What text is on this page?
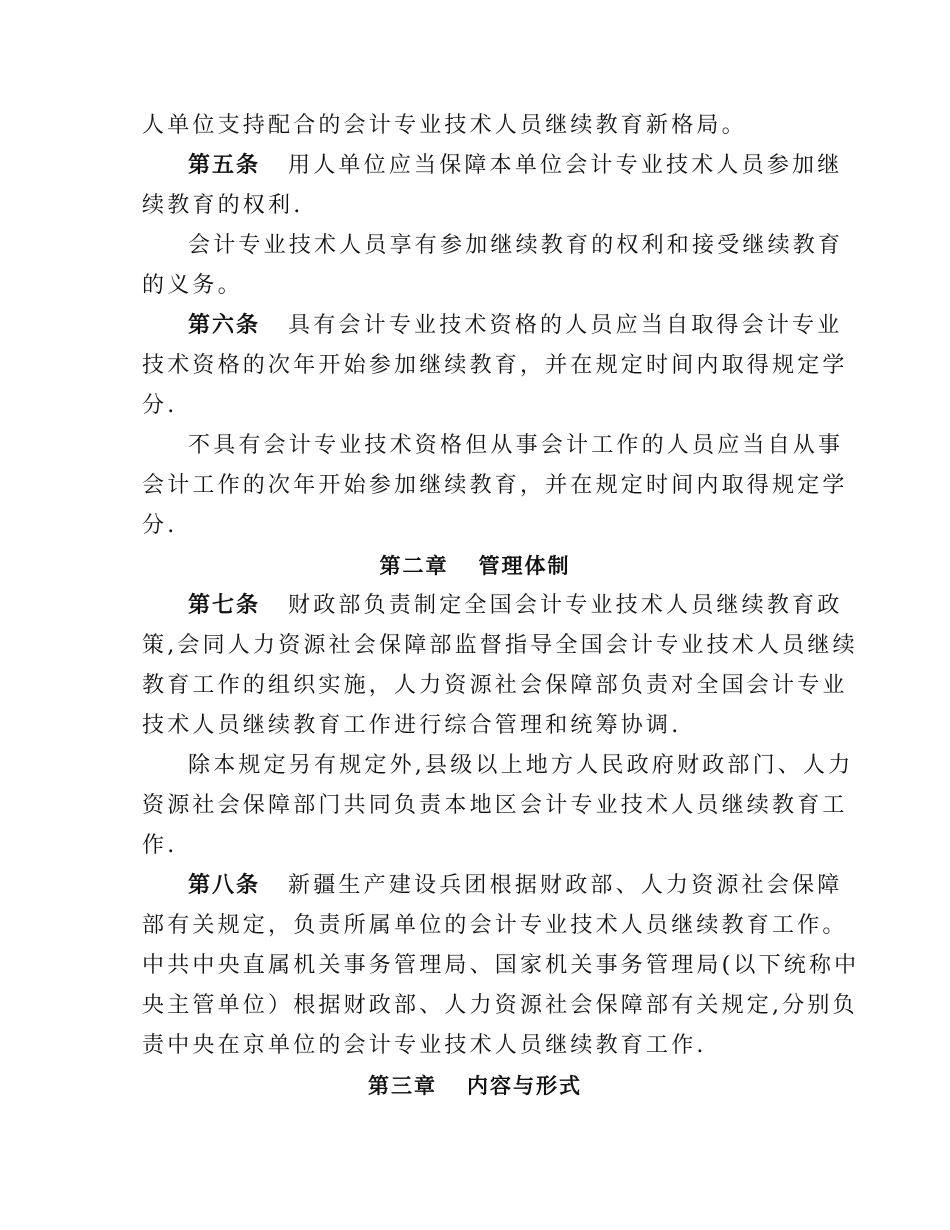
人单位支持配合的会计专业技术人员继续教育新格局。
第五条 用人单位应当保障本单位会计专业技术人员参加继
续教育的权利.
会计专业技术人员享有参加继续教育的权利和接受继续教育
的义务。
第六条 具有会计专业技术资格的人员应当自取得会计专业
技术资格的次年开始参加继续教育，并在规定时间内取得规定学
分.
不具有会计专业技术资格但从事会计工作的人员应当自从事
会计工作的次年开始参加继续教育，并在规定时间内取得规定学
分.
第二章 管理体制
第七条 财政部负责制定全国会计专业技术人员继续教育政
策,会同人力资源社会保障部监督指导全国会计专业技术人员继续
教育工作的组织实施，人力资源社会保障部负责对全国会计专业
技术人员继续教育工作进行综合管理和统筹协调.
除本规定另有规定外,县级以上地方人民政府财政部门、人力
资源社会保障部门共同负责本地区会计专业技术人员继续教育工
作.
第八条 新疆生产建设兵团根据财政部、人力资源社会保障
部有关规定，负责所属单位的会计专业技术人员继续教育工作。
中共中央直属机关事务管理局、国家机关事务管理局(以下统称中
央主管单位）根据财政部、人力资源社会保障部有关规定,分别负
责中央在京单位的会计专业技术人员继续教育工作.
第三章 内容与形式
